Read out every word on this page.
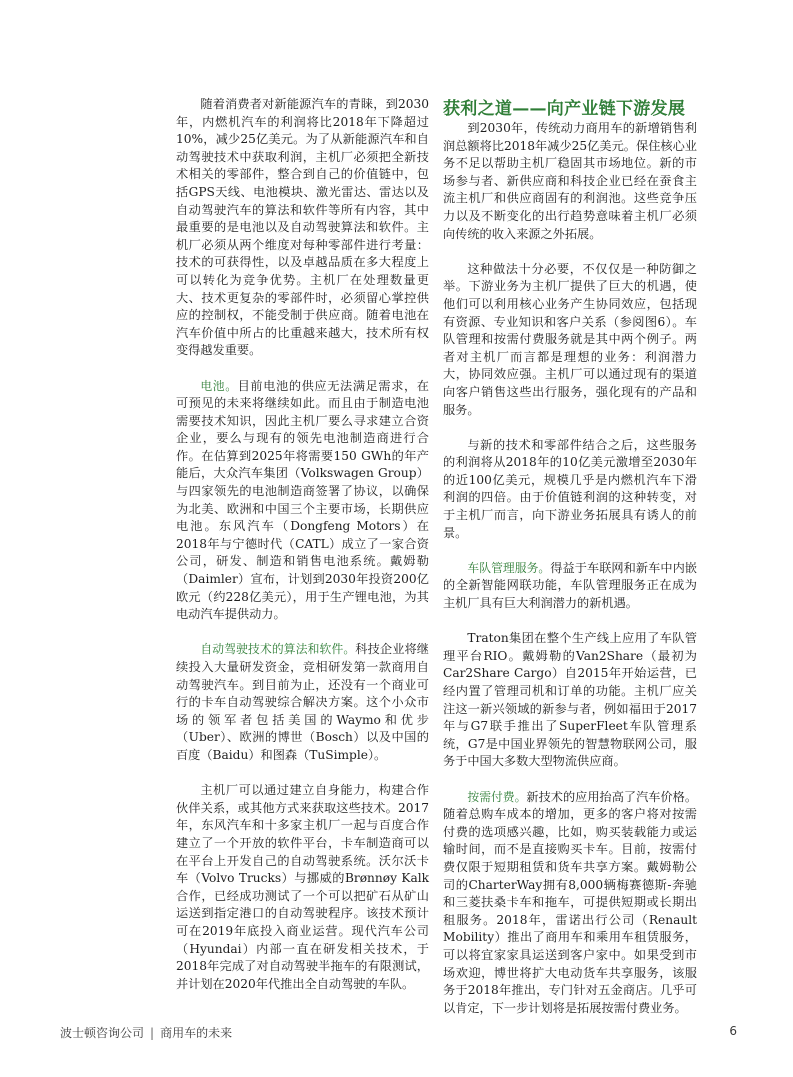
随着消费者对新能源汽车的青睐，到2030年，内燃机汽车的利润将比2018年下降超过10%，减少25亿美元。为了从新能源汽车和自动驾驶技术中获取利润，主机厂必须把全新技术相关的零部件，整合到自己的价值链中，包括GPS天线、电池模块、激光雷达、雷达以及自动驾驶汽车的算法和软件等所有内容，其中最重要的是电池以及自动驾驶算法和软件。主机厂必须从两个维度对每种零部件进行考量：技术的可获得性，以及卓越品质在多大程度上可以转化为竞争优势。主机厂在处理数量更大、技术更复杂的零部件时，必须留心掌控供应的控制权，不能受制于供应商。随着电池在汽车价值中所占的比重越来越大，技术所有权变得越发重要。

电池。目前电池的供应无法满足需求，在可预见的未来将继续如此。而且由于制造电池需要技术知识，因此主机厂要么寻求建立合资企业，要么与现有的领先电池制造商进行合作。在估算到2025年将需要150 GWh的年产能后，大众汽车集团（Volkswagen Group）与四家领先的电池制造商签署了协议，以确保为北美、欧洲和中国三个主要市场，长期供应电池。东风汽车（Dongfeng Motors）在2018年与宁德时代（CATL）成立了一家合资公司，研发、制造和销售电池系统。戴姆勒（Daimler）宣布，计划到2030年投资200亿欧元（约228亿美元），用于生产锂电池，为其电动汽车提供动力。

自动驾驶技术的算法和软件。科技企业将继续投入大量研发资金，竞相研发第一款商用自动驾驶汽车。到目前为止，还没有一个商业可行的卡车自动驾驶综合解决方案。这个小众市场的领军者包括美国的Waymo和优步（Uber）、欧洲的博世（Bosch）以及中国的百度（Baidu）和图森（TuSimple）。

主机厂可以通过建立自身能力，构建合作伙伴关系，或其他方式来获取这些技术。2017年，东风汽车和十多家主机厂一起与百度合作建立了一个开放的软件平台，卡车制造商可以在平台上开发自己的自动驾驶系统。沃尔沃卡车（Volvo Trucks）与挪威的Brønnøy Kalk合作，已经成功测试了一个可以把矿石从矿山运送到指定港口的自动驾驶程序。该技术预计可在2019年底投入商业运营。现代汽车公司（Hyundai）内部一直在研发相关技术，于2018年完成了对自动驾驶半拖车的有限测试，并计划在2020年代推出全自动驾驶的车队。

获利之道——向产业链下游发展

到2030年，传统动力商用车的新增销售利润总额将比2018年减少25亿美元。保住核心业务不足以帮助主机厂稳固其市场地位。新的市场参与者、新供应商和科技企业已经在蚕食主流主机厂和供应商固有的利润池。这些竞争压力以及不断变化的出行趋势意味着主机厂必须向传统的收入来源之外拓展。

这种做法十分必要，不仅仅是一种防御之举。下游业务为主机厂提供了巨大的机遇，使他们可以利用核心业务产生协同效应，包括现有资源、专业知识和客户关系（参阅图6）。车队管理和按需付费服务就是其中两个例子。两者对主机厂而言都是理想的业务：利润潜力大，协同效应强。主机厂可以通过现有的渠道向客户销售这些出行服务，强化现有的产品和服务。

与新的技术和零部件结合之后，这些服务的利润将从2018年的10亿美元激增至2030年的近100亿美元，规模几乎是内燃机汽车下滑利润的四倍。由于价值链利润的这种转变，对于主机厂而言，向下游业务拓展具有诱人的前景。

车队管理服务。得益于车联网和新车中内嵌的全新智能网联功能，车队管理服务正在成为主机厂具有巨大利润潜力的新机遇。

Traton集团在整个生产线上应用了车队管理平台RIO。戴姆勒的Van2Share（最初为Car2Share Cargo）自2015年开始运营，已经内置了管理司机和订单的功能。主机厂应关注这一新兴领域的新参与者，例如福田于2017年与G7联手推出了SuperFleet车队管理系统，G7是中国业界领先的智慧物联网公司，服务于中国大多数大型物流供应商。

按需付费。新技术的应用抬高了汽车价格。随着总购车成本的增加，更多的客户将对按需付费的选项感兴趣，比如，购买装载能力或运输时间，而不是直接购买卡车。目前，按需付费仅限于短期租赁和货车共享方案。戴姆勒公司的CharterWay拥有8,000辆梅赛德斯-奔驰和三菱扶桑卡车和拖车，可提供短期或长期出租服务。2018年，雷诺出行公司（Renault Mobility）推出了商用车和乘用车租赁服务，可以将宜家家具运送到客户家中。如果受到市场欢迎，博世将扩大电动货车共享服务，该服务于2018年推出，专门针对五金商店。几乎可以肯定，下一步计划将是拓展按需付费业务。

波士顿咨询公司 | 商用车的未来	6
